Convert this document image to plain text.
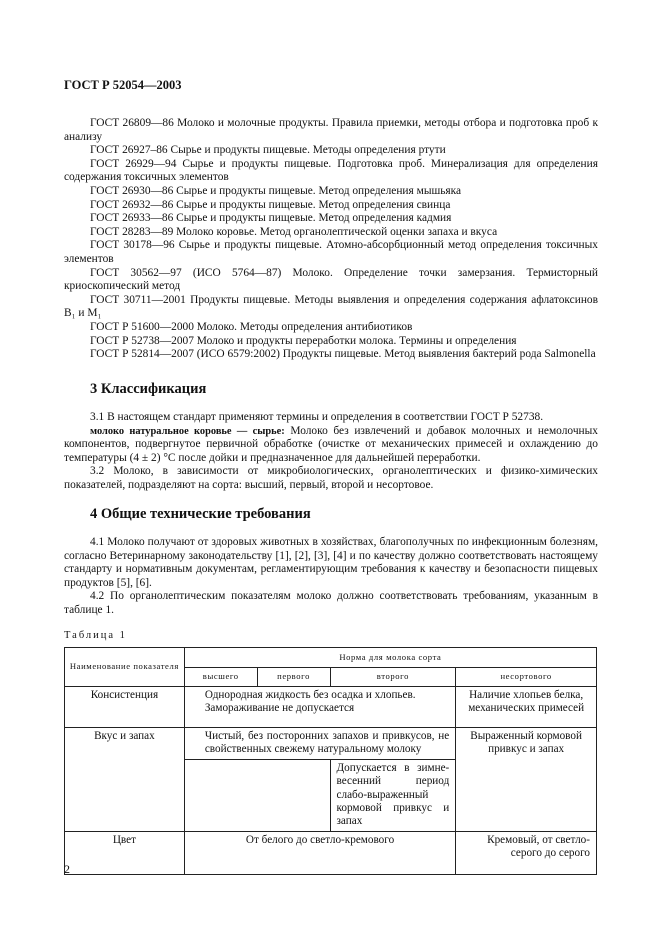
ГОСТ Р 52054—2003

ГОСТ 26809—86 Молоко и молочные продукты. Правила приемки, методы отбора и подготовка проб к анализу

ГОСТ 26927–86 Сырье и продукты пищевые. Методы определения ртути

ГОСТ 26929—94 Сырье и продукты пищевые. Подготовка проб. Минерализация для определения содержания токсичных элементов

ГОСТ 26930—86 Сырье и продукты пищевые. Метод определения мышьяка

ГОСТ 26932—86 Сырье и продукты пищевые. Метод определения свинца

ГОСТ 26933—86 Сырье и продукты пищевые. Метод определения кадмия

ГОСТ 28283—89 Молоко коровье. Метод органолептической оценки запаха и вкуса

ГОСТ 30178—96 Сырье и продукты пищевые. Атомно-абсорбционный метод определения токсичных элементов

ГОСТ 30562—97 (ИСО 5764—87) Молоко. Определение точки замерзания. Термисторный криоскопический метод

ГОСТ 30711—2001 Продукты пищевые. Методы выявления и определения содержания афлатоксинов B₁ и M₁

ГОСТ Р 51600—2000 Молоко. Методы определения антибиотиков

ГОСТ Р 52738—2007 Молоко и продукты переработки молока. Термины и определения

ГОСТ Р 52814—2007 (ИСО 6579:2002) Продукты пищевые. Метод выявления бактерий рода Salmonella

3 Классификация

3.1 В настоящем стандарт применяют термины и определения в соответствии ГОСТ Р 52738.

молоко натуральное коровье — сырье: Молоко без извлечений и добавок молочных и немолочных компонентов, подвергнутое первичной обработке (очистке от механических примесей и охлаждению до температуры (4 ± 2) °С после дойки и предназначенное для дальнейшей переработки.

3.2 Молоко, в зависимости от микробиологических, органолептических и физико-химических показателей, подразделяют на сорта: высший, первый, второй и несортовое.

4 Общие технические требования

4.1 Молоко получают от здоровых животных в хозяйствах, благополучных по инфекционным болезням, согласно Ветеринарному законодательству [1], [2], [3], [4] и по качеству должно соответствовать настоящему стандарту и нормативным документам, регламентирующим требования к качеству и безопасности пищевых продуктов [5], [6].

4.2 По органолептическим показателям молоко должно соответствовать требованиям, указанным в таблице 1.

Таблица 1
Наименование показателя	Норма для молока сорта			
	высшего	первого	второго	несортового
Консистенция	Однородная жидкость без осадка и хлопьев. Замораживание не допускается			Наличие хлопьев белка, механических примесей
Вкус и запах	Чистый, без посторонних запахов и привкусов, не свойственных свежему натуральному молоку			Выраженный кормовой привкус и запах
			Допускается в зимне-весенний период слабо-выраженный кормовой привкус и запах	
Цвет	От белого до светло-кремового			Кремовый, от светло-серого до серого
2
